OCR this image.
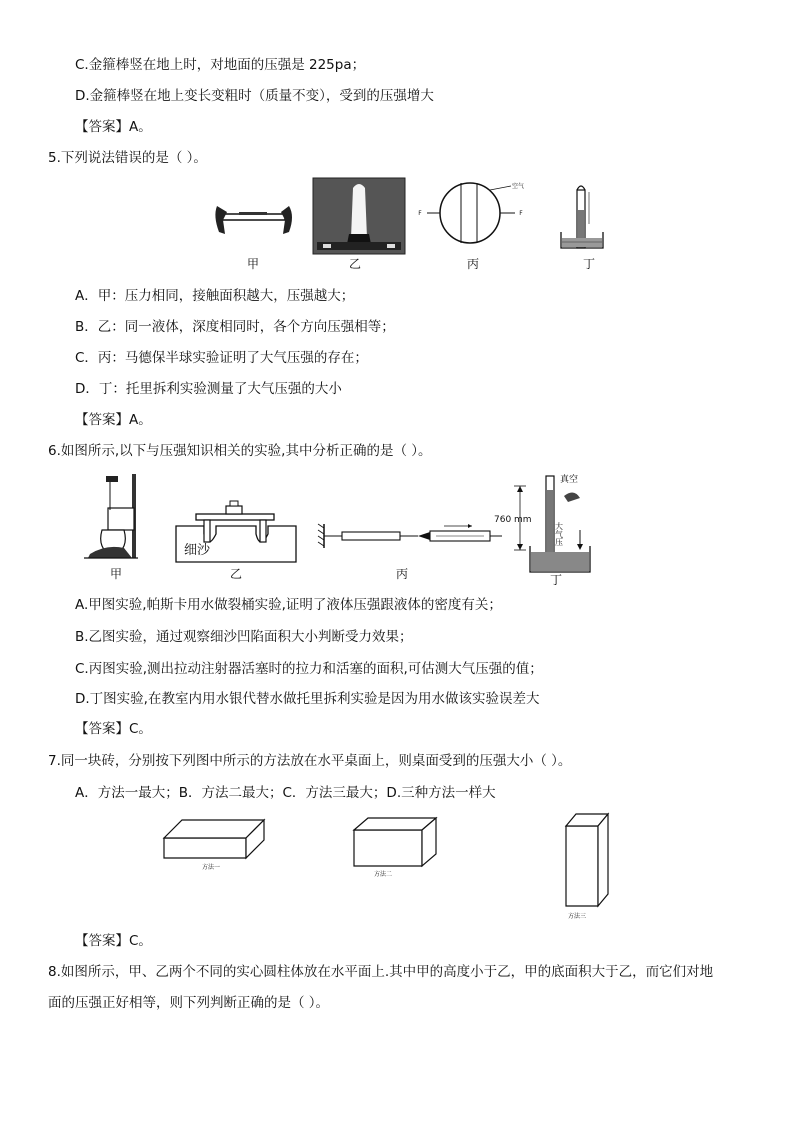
C.金箍棒竖在地上时，对地面的压强是 225pa；
D.金箍棒竖在地上变长变粗时（质量不变），受到的压强增大
【答案】A。
5.下列说法错误的是（ ）。
甲	乙
空气
F	F
丙	丁
A．甲：压力相同，接触面积越大，压强越大；
B．乙：同一液体，深度相同时，各个方向压强相等；
C．丙：马德保半球实验证明了大气压强的存在；
D．丁：托里拆利实验测量了大气压强的大小
【答案】A。
6.如图所示,以下与压强知识相关的实验,其中分析正确的是（ ）。
甲
细沙
乙	丙
760 mm
真空
大气压
丁
A.甲图实验,帕斯卡用水做裂桶实验,证明了液体压强跟液体的密度有关；
B.乙图实验，通过观察细沙凹陷面积大小判断受力效果；
C.丙图实验,测出拉动注射器活塞时的拉力和活塞的面积,可估测大气压强的值；
D.丁图实验,在教室内用水银代替水做托里拆利实验是因为用水做该实验误差大
【答案】C。
7.同一块砖，分别按下列图中所示的方法放在水平桌面上，则桌面受到的压强大小（ ）。
A．方法一最大；B．方法二最大；C．方法三最大；D.三种方法一样大
方法一
方法二
方法三
【答案】C。
8.如图所示，甲、乙两个不同的实心圆柱体放在水平面上.其中甲的高度小于乙，甲的底面积大于乙，而它们对地
面的压强正好相等，则下列判断正确的是（ ）。
